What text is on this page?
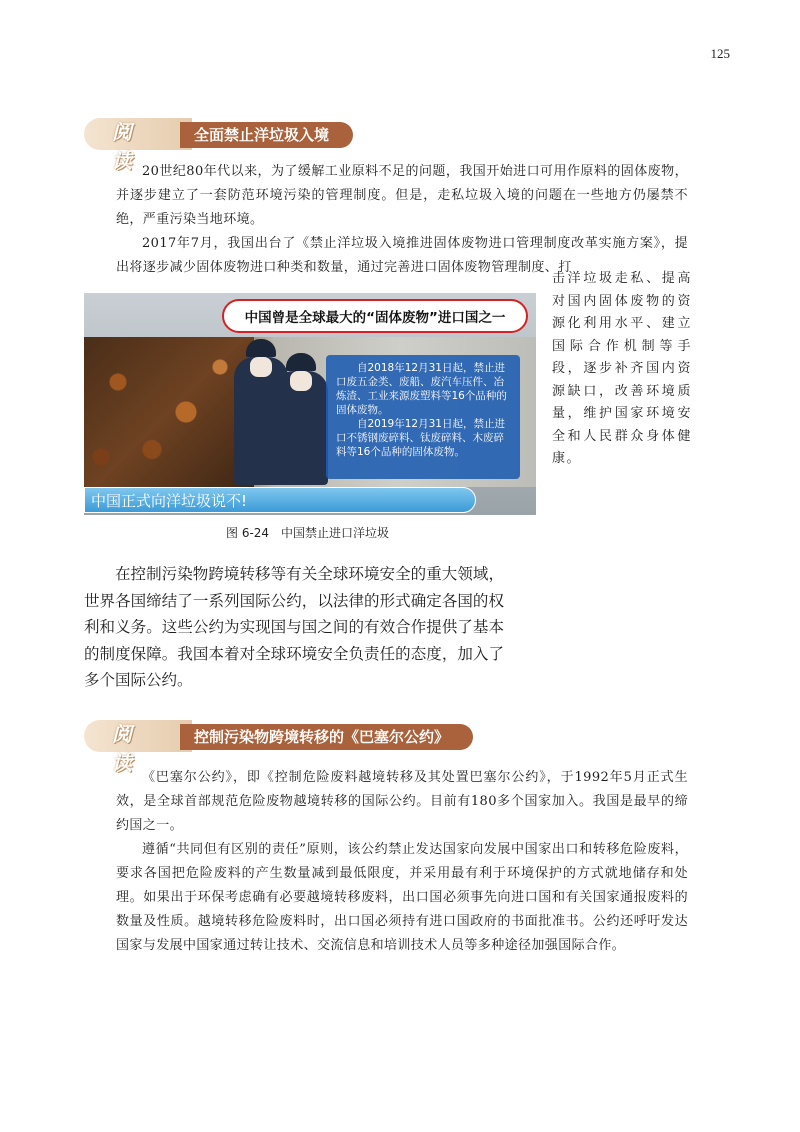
125
阅读
全面禁止洋垃圾入境

20世纪80年代以来，为了缓解工业原料不足的问题，我国开始进口可用作原料的固体废物，并逐步建立了一套防范环境污染的管理制度。但是，走私垃圾入境的问题在一些地方仍屡禁不绝，严重污染当地环境。

2017年7月，我国出台了《禁止洋垃圾入境推进固体废物进口管理制度改革实施方案》，提出将逐步减少固体废物进口种类和数量，通过完善进口固体废物管理制度、打

击洋垃圾走私、提高对国内固体废物的资源化利用水平、建立国际合作机制等手段，逐步补齐国内资源缺口，改善环境质量，维护国家环境安全和人民群众身体健康。
中国曾是全球最大的“固体废物”进口国之一

自2018年12月31日起，禁止进口废五金类、废船、废汽车压件、冶炼渣、工业来源废塑料等16个品种的固体废物。

自2019年12月31日起，禁止进口不锈钢废碎料、钛废碎料、木废碎料等16个品种的固体废物。

中国正式向洋垃圾说不!
图 6-24　中国禁止进口洋垃圾

在控制污染物跨境转移等有关全球环境安全的重大领域，世界各国缔结了一系列国际公约，以法律的形式确定各国的权利和义务。这些公约为实现国与国之间的有效合作提供了基本的制度保障。我国本着对全球环境安全负责任的态度，加入了多个国际公约。

阅读
控制污染物跨境转移的《巴塞尔公约》

《巴塞尔公约》，即《控制危险废料越境转移及其处置巴塞尔公约》，于1992年5月正式生效，是全球首部规范危险废物越境转移的国际公约。目前有180多个国家加入。我国是最早的缔约国之一。

遵循“共同但有区别的责任”原则，该公约禁止发达国家向发展中国家出口和转移危险废料，要求各国把危险废料的产生数量减到最低限度，并采用最有利于环境保护的方式就地储存和处理。如果出于环保考虑确有必要越境转移废料，出口国必须事先向进口国和有关国家通报废料的数量及性质。越境转移危险废料时，出口国必须持有进口国政府的书面批准书。公约还呼吁发达国家与发展中国家通过转让技术、交流信息和培训技术人员等多种途径加强国际合作。
